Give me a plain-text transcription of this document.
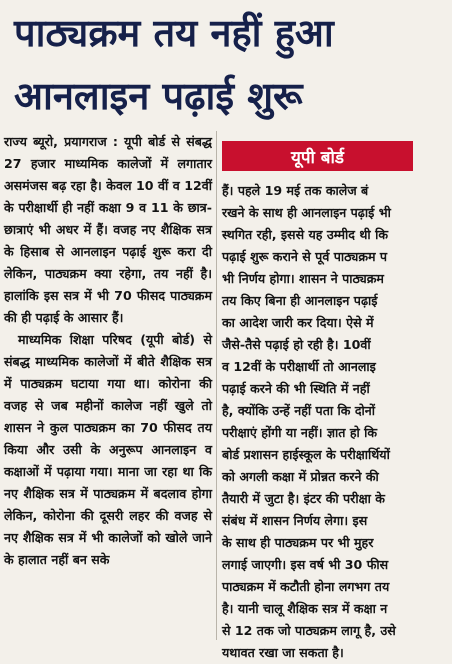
पाठ्यक्रम तय नहीं हुआ
आनलाइन पढ़ाई शुरू

राज्य ब्यूरो, प्रयागराज : यूपी बोर्ड से संबद्ध 27 हजार माध्यमिक कालेजों में लगातार असमंजस बढ़ रहा है। केवल 10 वीं व 12वीं के परीक्षार्थी ही नहीं कक्षा 9 व 11 के छात्र-छात्राएं भी अधर में हैं। वजह नए शैक्षिक सत्र के हिसाब से आनलाइन पढ़ाई शुरू करा दी लेकिन, पाठ्यक्रम क्या रहेगा, तय नहीं है। हालांकि इस सत्र में भी 70 फीसद पाठ्यक्रम की ही पढ़ाई के आसार हैं।

माध्यमिक शिक्षा परिषद (यूपी बोर्ड) से संबद्ध माध्यमिक कालेजों में बीते शैक्षिक सत्र में पाठ्यक्रम घटाया गया था। कोरोना की वजह से जब महीनों कालेज नहीं खुले तो शासन ने कुल पाठ्यक्रम का 70 फीसद तय किया और उसी के अनुरूप आनलाइन व कक्षाओं में पढ़ाया गया। माना जा रहा था कि नए शैक्षिक सत्र में पाठ्यक्रम में बदलाव होगा लेकिन, कोरोना की दूसरी लहर की वजह से नए शैक्षिक सत्र में भी कालेजों को खोले जाने के हालात नहीं बन सके

यूपी बोर्ड

हैं। पहले 19 मई तक कालेज बं

रखने के साथ ही आनलाइन पढ़ाई भी

स्थगित रही, इससे यह उम्मीद थी कि

पढ़ाई शुरू कराने से पूर्व पाठ्यक्रम प

भी निर्णय होगा। शासन ने पाठ्यक्रम

तय किए बिना ही आनलाइन पढ़ाई

का आदेश जारी कर दिया। ऐसे में

जैसे-तैसे पढ़ाई हो रही है। 10वीं

व 12वीं के परीक्षार्थी तो आनलाइ

पढ़ाई करने की भी स्थिति में नहीं

है, क्योंकि उन्हें नहीं पता कि दोनों

परीक्षाएं होंगी या नहीं। ज्ञात हो कि

बोर्ड प्रशासन हाईस्कूल के परीक्षार्थियों

को अगली कक्षा में प्रोन्नत करने की

तैयारी में जुटा है। इंटर की परीक्षा के

संबंध में शासन निर्णय लेगा। इस

के साथ ही पाठ्यक्रम पर भी मुहर

लगाई जाएगी। इस वर्ष भी 30 फीस

पाठ्यक्रम में कटौती होना लगभग तय

है। यानी चालू शैक्षिक सत्र में कक्षा न

से 12 तक जो पाठ्यक्रम लागू है, उसे

यथावत रखा जा सकता है।
